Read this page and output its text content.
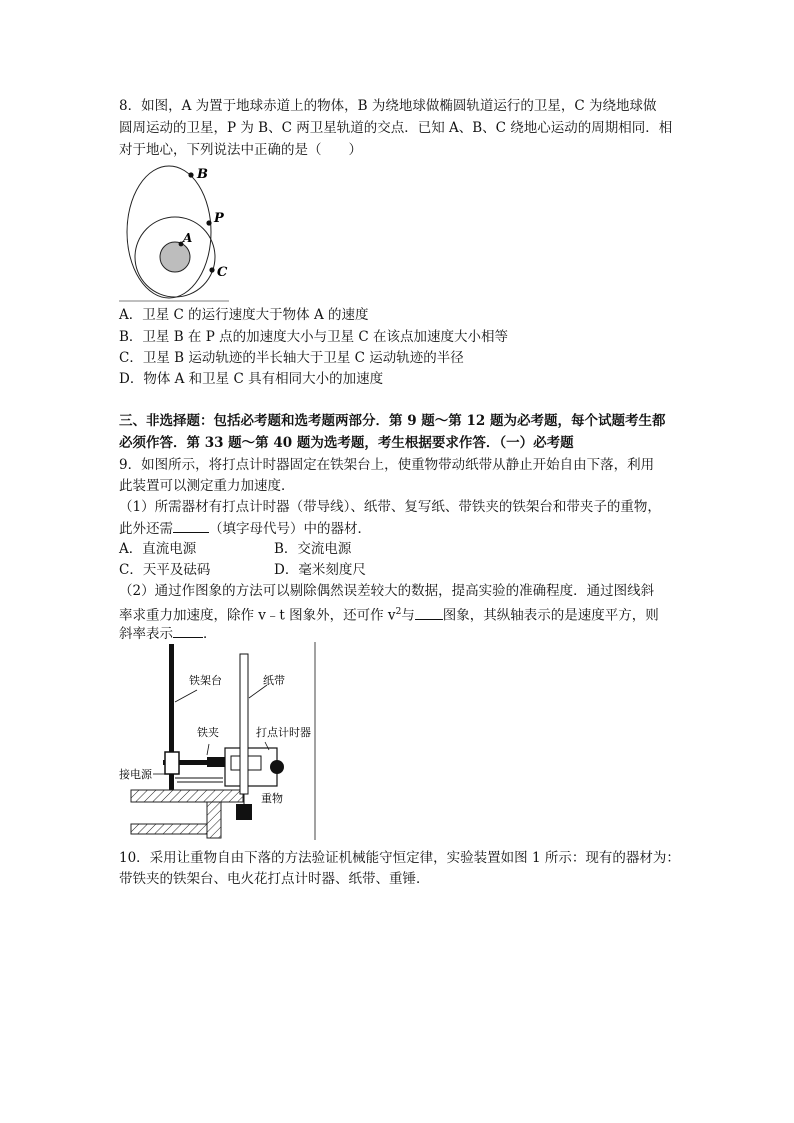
8．如图，A 为置于地球赤道上的物体，B 为绕地球做椭圆轨道运行的卫星，C 为绕地球做
圆周运动的卫星，P 为 B、C 两卫星轨道的交点．已知 A、B、C 绕地心运动的周期相同．相
对于地心，下列说法中正确的是（　　）
B
P
A
C
A．卫星 C 的运行速度大于物体 A 的速度
B．卫星 B 在 P 点的加速度大小与卫星 C 在该点加速度大小相等
C．卫星 B 运动轨迹的半长轴大于卫星 C 运动轨迹的半径
D．物体 A 和卫星 C 具有相同大小的加速度
三、非选择题：包括必考题和选考题两部分．第 9 题～第 12 题为必考题，每个试题考生都
必须作答．第 33 题～第 40 题为选考题，考生根据要求作答．（一）必考题
9．如图所示，将打点计时器固定在铁架台上，使重物带动纸带从静止开始自由下落，利用
此装置可以测定重力加速度．
（1）所需器材有打点计时器（带导线）、纸带、复写纸、带铁夹的铁架台和带夹子的重物，
此外还需	（填字母代号）中的器材．
A．直流电源	B．交流电源
C．天平及砝码	D．毫米刻度尺
（2）通过作图象的方法可以剔除偶然误差较大的数据，提高实验的准确程度．通过图线斜
率求重力加速度，除作 v﹣t 图象外，还可作 $v^2$与 图象，其纵轴表示的是速度平方，则
斜率表示 ．
铁架台	纸带
铁夹	打点计时器
接电源
重物
10．采用让重物自由下落的方法验证机械能守恒定律，实验装置如图 1 所示：现有的器材为：
带铁夹的铁架台、电火花打点计时器、纸带、重锤．
